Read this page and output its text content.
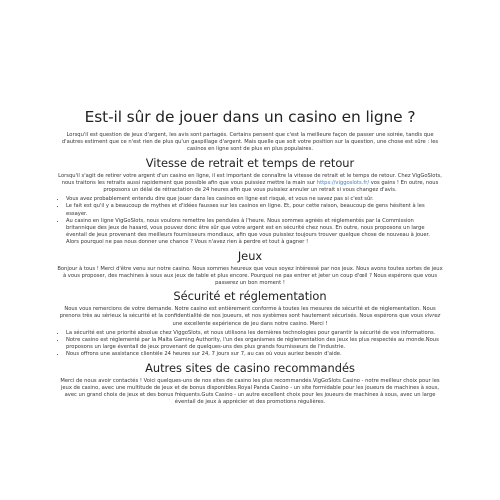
Est-il sûr de jouer dans un casino en ligne ?

Lorsqu'il est question de jeux d'argent, les avis sont partagés. Certains pensent que c'est la meilleure façon de passer une soirée, tandis que d'autres estiment que ce n'est rien de plus qu'un gaspillage d'argent. Mais quelle que soit votre position sur la question, une chose est sûre : les casinos en ligne sont de plus en plus populaires.

Vitesse de retrait et temps de retour

Lorsqu'il s'agit de retirer votre argent d'un casino en ligne, il est important de connaître la vitesse de retrait et le temps de retour. Chez VigGoSlots, nous traitons les retraits aussi rapidement que possible afin que vous puissiez mettre la main sur https://viggoslots.fr/ vos gains ! En outre, nous proposons un délai de rétractation de 24 heures afin que vous puissiez annuler un retrait si vous changez d'avis.

• Vous avez probablement entendu dire que jouer dans les casinos en ligne est risqué, et vous ne savez pas si c'est sûr.
• Le fait est qu'il y a beaucoup de mythes et d'idées fausses sur les casinos en ligne. Et, pour cette raison, beaucoup de gens hésitent à les essayer.
• Au casino en ligne VigGoSlots, nous voulons remettre les pendules à l'heure. Nous sommes agréés et réglementés par la Commission britannique des jeux de hasard, vous pouvez donc être sûr que votre argent est en sécurité chez nous. En outre, nous proposons un large éventail de jeux provenant des meilleurs fournisseurs mondiaux, afin que vous puissiez toujours trouver quelque chose de nouveau à jouer. Alors pourquoi ne pas nous donner une chance ? Vous n'avez rien à perdre et tout à gagner !
Jeux

Bonjour à tous ! Merci d'être venu sur notre casino. Nous sommes heureux que vous soyez intéressé par nos jeux. Nous avons toutes sortes de jeux à vous proposer, des machines à sous aux jeux de table et plus encore. Pourquoi ne pas entrer et jeter un coup d'œil ? Nous espérons que vous passerez un bon moment !

Sécurité et réglementation

Nous vous remercions de votre demande. Notre casino est entièrement conforme à toutes les mesures de sécurité et de réglementation. Nous prenons très au sérieux la sécurité et la confidentialité de nos joueurs, et nos systèmes sont hautement sécurisés. Nous espérons que vous vivrez une excellente expérience de jeu dans notre casino. Merci !

• La sécurité est une priorité absolue chez ViggoSlots, et nous utilisons les dernières technologies pour garantir la sécurité de vos informations.
• Notre casino est réglementé par la Malta Gaming Authority, l'un des organismes de réglementation des jeux les plus respectés au monde.Nous proposons un large éventail de jeux provenant de quelques-uns des plus grands fournisseurs de l'industrie.
• Nous offrons une assistance clientèle 24 heures sur 24, 7 jours sur 7, au cas où vous auriez besoin d'aide.
Autres sites de casino recommandés

Merci de nous avoir contactés ! Voici quelques-uns de nos sites de casino les plus recommandés.VigGoSlots Casino - notre meilleur choix pour les jeux de casino, avec une multitude de jeux et de bonus disponibles.Royal Panda Casino - un site formidable pour les joueurs de machines à sous, avec un grand choix de jeux et des bonus fréquents.Guts Casino - un autre excellent choix pour les joueurs de machines à sous, avec un large éventail de jeux à apprécier et des promotions régulières.
